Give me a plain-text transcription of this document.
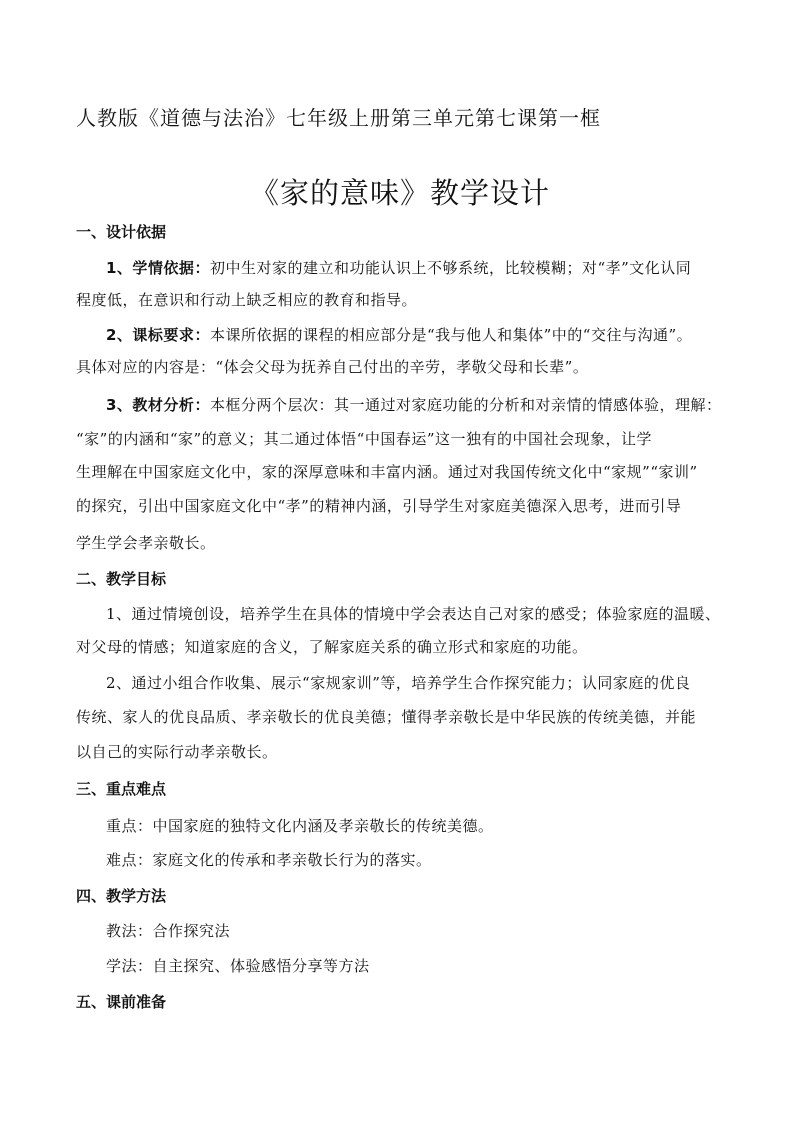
人教版《道德与法治》七年级上册第三单元第七课第一框
《家的意味》教学设计
一、设计依据
1、学情依据：初中生对家的建立和功能认识上不够系统，比较模糊；对“孝”文化认同
程度低，在意识和行动上缺乏相应的教育和指导。
2、课标要求：本课所依据的课程的相应部分是“我与他人和集体”中的“交往与沟通”。
具体对应的内容是：“体会父母为抚养自己付出的辛劳，孝敬父母和长辈”。
3、教材分析：本框分两个层次：其一通过对家庭功能的分析和对亲情的情感体验，理解：
“家”的内涵和“家”的意义；其二通过体悟“中国春运”这一独有的中国社会现象，让学
生理解在中国家庭文化中，家的深厚意味和丰富内涵。通过对我国传统文化中“家规”“家训”
的探究，引出中国家庭文化中“孝”的精神内涵，引导学生对家庭美德深入思考，进而引导
学生学会孝亲敬长。
二、教学目标
1、通过情境创设，培养学生在具体的情境中学会表达自己对家的感受；体验家庭的温暖、
对父母的情感；知道家庭的含义，了解家庭关系的确立形式和家庭的功能。
2、通过小组合作收集、展示“家规家训”等，培养学生合作探究能力；认同家庭的优良
传统、家人的优良品质、孝亲敬长的优良美德；懂得孝亲敬长是中华民族的传统美德，并能
以自己的实际行动孝亲敬长。
三、重点难点
重点：中国家庭的独特文化内涵及孝亲敬长的传统美德。
难点：家庭文化的传承和孝亲敬长行为的落实。
四、教学方法
教法：合作探究法
学法：自主探究、体验感悟分享等方法
五、课前准备
